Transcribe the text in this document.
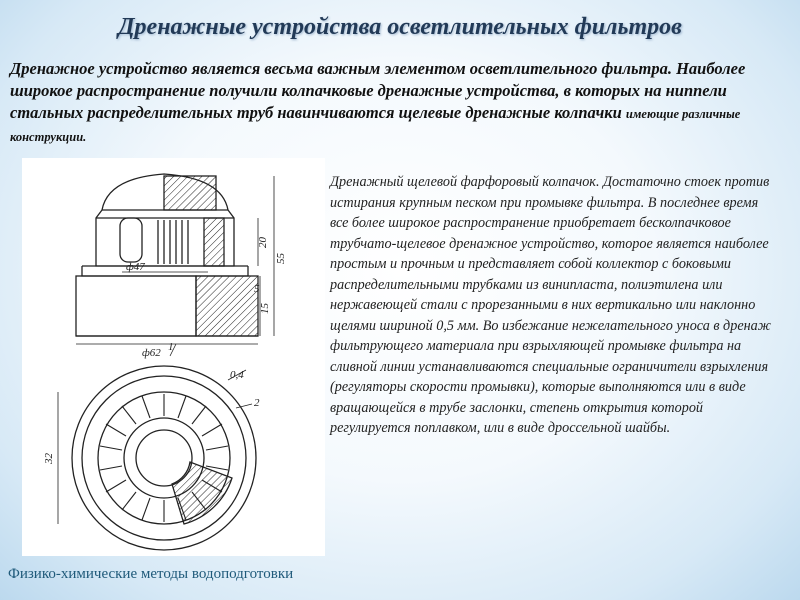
Дренажные устройства осветлительных фильтров
Дренажное устройство является весьма важным элементом осветлительного фильтра. Наиболее широкое распространение получили колпачковые дренажные устройства, в которых на ниппели стальных распределительных труб навинчиваются щелевые дренажные колпачки имеющие различные конструкции.
ф47
ф62
20
55
15
5
1
0,4
2
32
Дренажный щелевой фарфоровый колпачок. Достаточно стоек против истирания крупным песком при промывке фильтра. В последнее время все более широкое распространение приобретает бесколпачковое трубчато-щелевое дренажное устройство, которое является наиболее простым и прочным и представляет собой коллектор с боковыми распределительными трубками из винипласта, полиэтилена или нержавеющей стали с прорезанными в них вертикально или наклонно щелями шириной 0,5 мм. Во избежание нежелательного уноса в дренаж фильтрующего материала при взрыхляющей промывке фильтра на сливной линии устанавливаются специальные ограничители взрыхления (регуляторы скорости промывки), которые выполняются или в виде вращающейся в трубе заслонки, степень открытия которой регулируется поплавком, или в виде дроссельной шайбы.
Физико-химические методы водоподготовки
